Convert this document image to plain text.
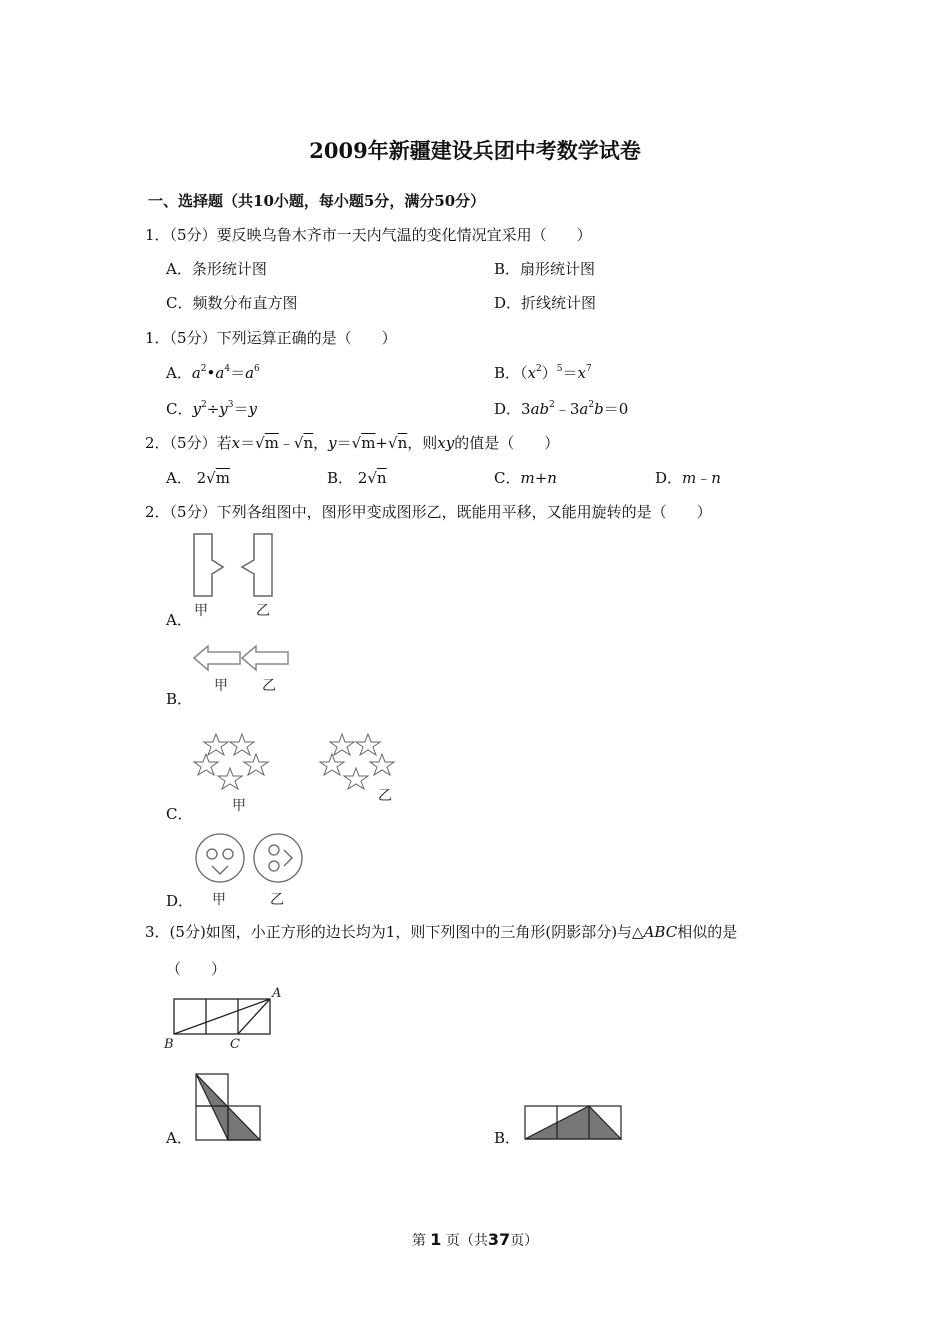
2009年新疆建设兵团中考数学试卷
一、选择题（共10小题，每小题5分，满分50分）
1．（5分）要反映乌鲁木齐市一天内气温的变化情况宜采用（　　）
A．条形统计图	B．扇形统计图
C．频数分布直方图	D．折线统计图
1．（5分）下列运算正确的是（　　）
A．$a^2•a^4=a^6$	B．$(x^2)^5=x^7$
C．$y^2\div y^3=y$	D．$3ab^2﹣3a^2b=0$
2．（5分）若x＝√m﹣√n，y＝√m+√n，则xy的值是（　　）
A． 2√m	B． 2√n	C．m+n	D．m﹣n
2．（5分）下列各组图中，图形甲变成图形乙，既能用平移，又能用旋转的是（　　）
甲	乙
A．
甲 乙
B．
甲
乙
C．
甲	乙
D．
3．(5分)如图，小正方形的边长均为1，则下列图中的三角形(阴影部分)与△ABC相似的是
（　　）
A
B	C
A．	B．
第 1 页（共37页）
